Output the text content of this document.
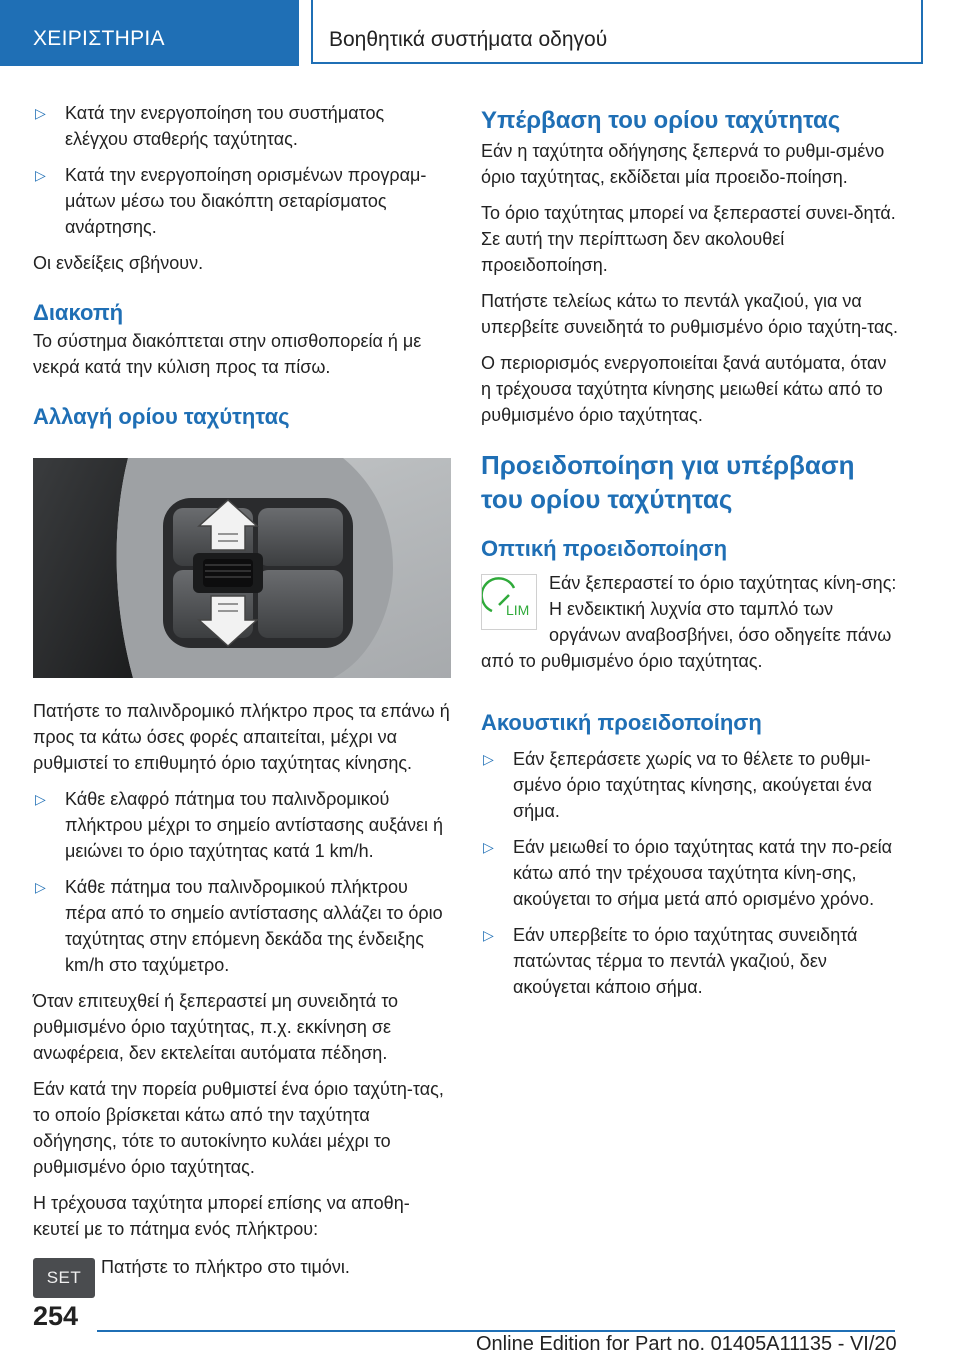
ΧΕΙΡΙΣΤΗΡΙΑ	Βοηθητικά συστήματα οδηγού
▷ Κατά την ενεργοποίηση του συστήματος ελέγχου σταθερής ταχύτητας.
▷ Κατά την ενεργοποίηση ορισμένων προγραμ‐μάτων μέσω του διακόπτη σεταρίσματος ανάρτησης.

Οι ενδείξεις σβήνουν.

Διακοπή

Το σύστημα διακόπτεται στην οπισθοπορεία ή με νεκρά κατά την κύλιση προς τα πίσω.

Αλλαγή ορίου ταχύτητας

Πατήστε το παλινδρομικό πλήκτρο προς τα επάνω ή προς τα κάτω όσες φορές απαιτείται, μέχρι να ρυθμιστεί το επιθυμητό όριο ταχύτητας κίνησης.

▷ Κάθε ελαφρό πάτημα του παλινδρομικού πλήκτρου μέχρι το σημείο αντίστασης αυξάνει ή μειώνει το όριο ταχύτητας κατά 1 km/h.
▷ Κάθε πάτημα του παλινδρομικού πλήκτρου πέρα από το σημείο αντίστασης αλλάζει το όριο ταχύτητας στην επόμενη δεκάδα της ένδειξης km/h στο ταχύμετρο.

Όταν επιτευχθεί ή ξεπεραστεί μη συνειδητά το ρυθμισμένο όριο ταχύτητας, π.χ. εκκίνηση σε ανωφέρεια, δεν εκτελείται αυτόματα πέδηση.

Εάν κατά την πορεία ρυθμιστεί ένα όριο ταχύτη‐τας, το οποίο βρίσκεται κάτω από την ταχύτητα οδήγησης, τότε το αυτοκίνητο κυλάει μέχρι το ρυθμισμένο όριο ταχύτητας.

Η τρέχουσα ταχύτητα μπορεί επίσης να αποθη‐κευτεί με το πάτημα ενός πλήκτρου:

SET

Πατήστε το πλήκτρο στο τιμόνι.

Υπέρβαση του ορίου ταχύτητας

Εάν η ταχύτητα οδήγησης ξεπερνά το ρυθμι‐σμένο όριο ταχύτητας, εκδίδεται μία προειδο‐ποίηση.

Το όριο ταχύτητας μπορεί να ξεπεραστεί συνει‐δητά. Σε αυτή την περίπτωση δεν ακολουθεί προειδοποίηση.

Πατήστε τελείως κάτω το πεντάλ γκαζιού, για να υπερβείτε συνειδητά το ρυθμισμένο όριο ταχύτη‐τας.

Ο περιορισμός ενεργοποιείται ξανά αυτόματα, όταν η τρέχουσα ταχύτητα κίνησης μειωθεί κάτω από το ρυθμισμένο όριο ταχύτητας.

Προειδοποίηση για υπέρβαση του ορίου ταχύτητας
Οπτική προειδοποίηση
LIM

Εάν ξεπεραστεί το όριο ταχύτητας κίνη‐σης: Η ενδεικτική λυχνία στο ταμπλό των οργάνων αναβοσβήνει, όσο οδηγείτε πάνω από το ρυθμισμένο όριο ταχύτητας.

Ακουστική προειδοποίηση
▷ Εάν ξεπεράσετε χωρίς να το θέλετε το ρυθμι‐σμένο όριο ταχύτητας κίνησης, ακούγεται ένα σήμα.
▷ Εάν μειωθεί το όριο ταχύτητας κατά την πο‐ρεία κάτω από την τρέχουσα ταχύτητα κίνη‐σης, ακούγεται το σήμα μετά από ορισμένο χρόνο.
▷ Εάν υπερβείτε το όριο ταχύτητας συνειδητά πατώντας τέρμα το πεντάλ γκαζιού, δεν ακούγεται κάποιο σήμα.
254
Online Edition for Part no. 01405A11135 - VI/20
